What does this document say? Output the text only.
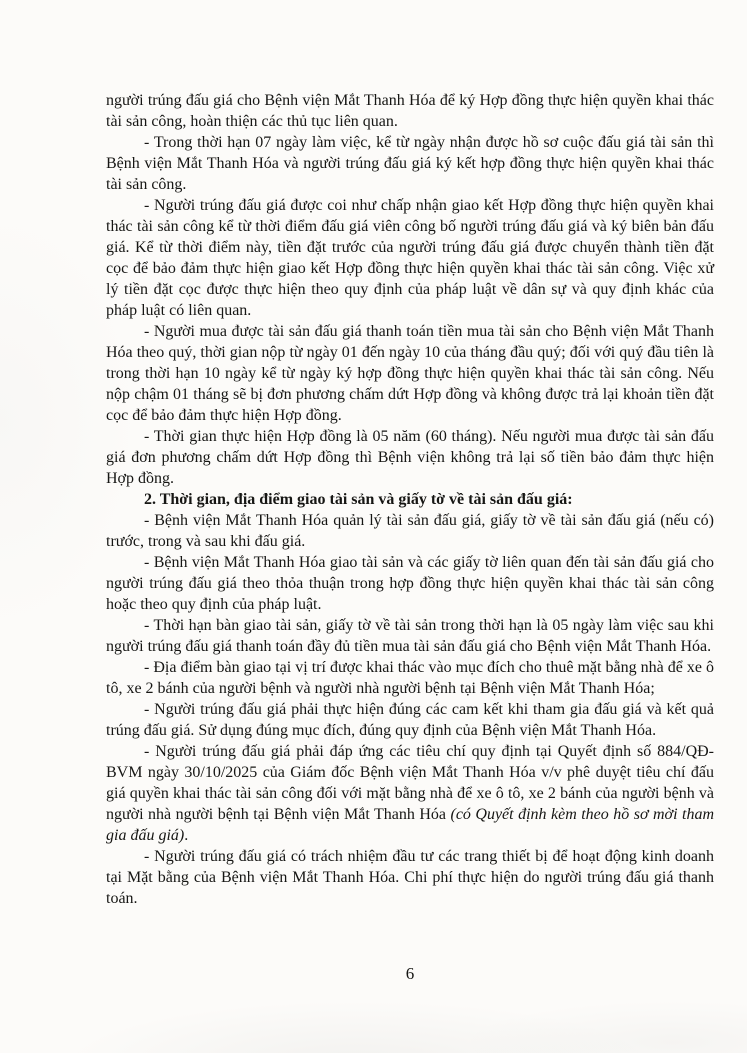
người trúng đấu giá cho Bệnh viện Mắt Thanh Hóa để ký Hợp đồng thực hiện quyền khai thác tài sản công, hoàn thiện các thủ tục liên quan.
- Trong thời hạn 07 ngày làm việc, kể từ ngày nhận được hồ sơ cuộc đấu giá tài sản thì Bệnh viện Mắt Thanh Hóa và người trúng đấu giá ký kết hợp đồng thực hiện quyền khai thác tài sản công.
- Người trúng đấu giá được coi như chấp nhận giao kết Hợp đồng thực hiện quyền khai thác tài sản công kể từ thời điểm đấu giá viên công bố người trúng đấu giá và ký biên bản đấu giá. Kể từ thời điểm này, tiền đặt trước của người trúng đấu giá được chuyển thành tiền đặt cọc để bảo đảm thực hiện giao kết Hợp đồng thực hiện quyền khai thác tài sản công. Việc xử lý tiền đặt cọc được thực hiện theo quy định của pháp luật về dân sự và quy định khác của pháp luật có liên quan.
- Người mua được tài sản đấu giá thanh toán tiền mua tài sản cho Bệnh viện Mắt Thanh Hóa theo quý, thời gian nộp từ ngày 01 đến ngày 10 của tháng đầu quý; đối với quý đầu tiên là trong thời hạn 10 ngày kể từ ngày ký hợp đồng thực hiện quyền khai thác tài sản công. Nếu nộp chậm 01 tháng sẽ bị đơn phương chấm dứt Hợp đồng và không được trả lại khoản tiền đặt cọc để bảo đảm thực hiện Hợp đồng.
- Thời gian thực hiện Hợp đồng là 05 năm (60 tháng). Nếu người mua được tài sản đấu giá đơn phương chấm dứt Hợp đồng thì Bệnh viện không trả lại số tiền bảo đảm thực hiện Hợp đồng.
2. Thời gian, địa điểm giao tài sản và giấy tờ về tài sản đấu giá:
- Bệnh viện Mắt Thanh Hóa quản lý tài sản đấu giá, giấy tờ về tài sản đấu giá (nếu có) trước, trong và sau khi đấu giá.
- Bệnh viện Mắt Thanh Hóa giao tài sản và các giấy tờ liên quan đến tài sản đấu giá cho người trúng đấu giá theo thỏa thuận trong hợp đồng thực hiện quyền khai thác tài sản công hoặc theo quy định của pháp luật.
- Thời hạn bàn giao tài sản, giấy tờ về tài sản trong thời hạn là 05 ngày làm việc sau khi người trúng đấu giá thanh toán đầy đủ tiền mua tài sản đấu giá cho Bệnh viện Mắt Thanh Hóa.
- Địa điểm bàn giao tại vị trí được khai thác vào mục đích cho thuê mặt bằng nhà để xe ô tô, xe 2 bánh của người bệnh và người nhà người bệnh tại Bệnh viện Mắt Thanh Hóa;
- Người trúng đấu giá phải thực hiện đúng các cam kết khi tham gia đấu giá và kết quả trúng đấu giá. Sử dụng đúng mục đích, đúng quy định của Bệnh viện Mắt Thanh Hóa.
- Người trúng đấu giá phải đáp ứng các tiêu chí quy định tại Quyết định số 884/QĐ-BVM ngày 30/10/2025 của Giám đốc Bệnh viện Mắt Thanh Hóa v/v phê duyệt tiêu chí đấu giá quyền khai thác tài sản công đối với mặt bằng nhà để xe ô tô, xe 2 bánh của người bệnh và người nhà người bệnh tại Bệnh viện Mắt Thanh Hóa (có Quyết định kèm theo hồ sơ mời tham gia đấu giá).
- Người trúng đấu giá có trách nhiệm đầu tư các trang thiết bị để hoạt động kinh doanh tại Mặt bằng của Bệnh viện Mắt Thanh Hóa. Chi phí thực hiện do người trúng đấu giá thanh toán.
6
